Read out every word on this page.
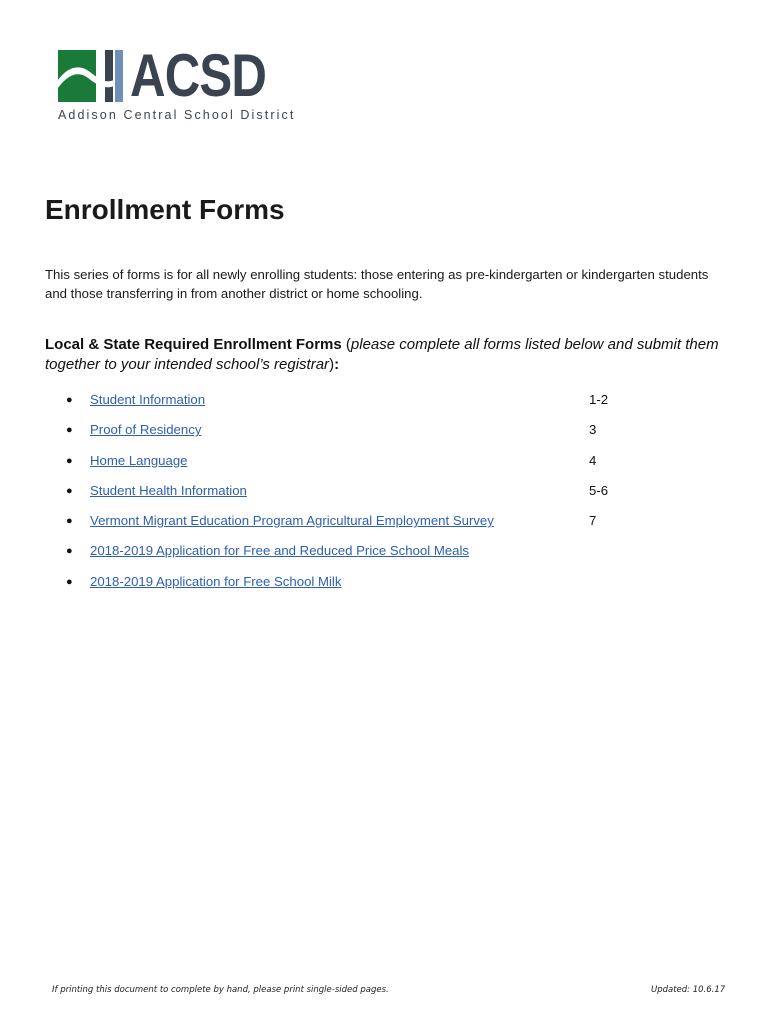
ACSD
Addison Central School District
Enrollment Forms

This series of forms is for all newly enrolling students: those entering as pre-kindergarten or kindergarten students and those transferring in from another district or home schooling.

Local & State Required Enrollment Forms (please complete all forms listed below and submit them together to your intended school’s registrar):

● Student Information	1-2
● Proof of Residency	3
● Home Language	4
● Student Health Information	5-6
● Vermont Migrant Education Program Agricultural Employment Survey	7
● 2018-2019 Application for Free and Reduced Price School Meals
● 2018-2019 Application for Free School Milk
If printing this document to complete by hand, please print single-sided pages.	Updated: 10.6.17
